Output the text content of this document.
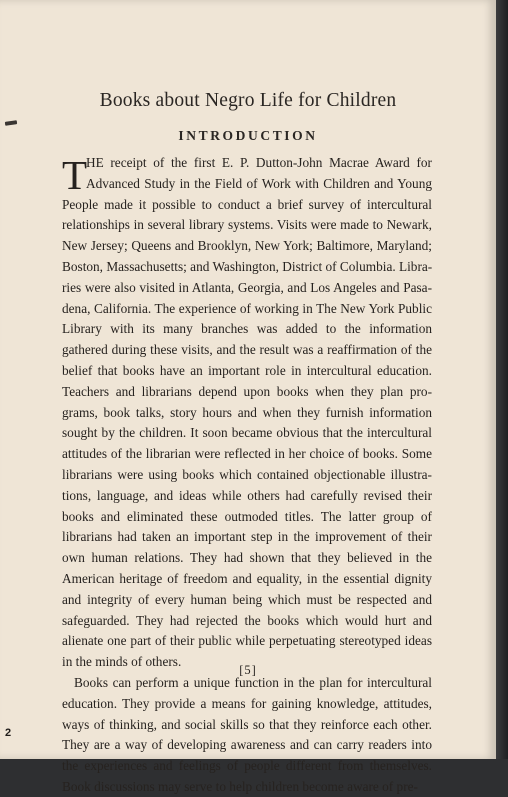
Books about Negro Life for Children
INTRODUCTION
T
HE receipt of the first E. P. Dutton-John Macrae Award for
Advanced Study in the Field of Work with Children and Young
People made it possible to conduct a brief survey of intercultural
relationships in several library systems. Visits were made to Newark,
New Jersey; Queens and Brooklyn, New York; Baltimore, Maryland;
Boston, Massachusetts; and Washington, District of Columbia. Libra-
ries were also visited in Atlanta, Georgia, and Los Angeles and Pasa-
dena, California. The experience of working in The New York Public
Library with its many branches was added to the information
gathered during these visits, and the result was a reaffirmation of the
belief that books have an important role in intercultural education.
Teachers and librarians depend upon books when they plan pro-
grams, book talks, story hours and when they furnish information
sought by the children. It soon became obvious that the intercultural
attitudes of the librarian were reflected in her choice of books. Some
librarians were using books which contained objectionable illustra-
tions, language, and ideas while others had carefully revised their
books and eliminated these outmoded titles. The latter group of
librarians had taken an important step in the improvement of their
own human relations. They had shown that they believed in the
American heritage of freedom and equality, in the essential dignity
and integrity of every human being which must be respected and
safeguarded. They had rejected the books which would hurt and
alienate one part of their public while perpetuating stereotyped ideas
in the minds of others.
Books can perform a unique function in the plan for intercultural
education. They provide a means for gaining knowledge, attitudes,
ways of thinking, and social skills so that they reinforce each other.
They are a way of developing awareness and can carry readers into
the experiences and feelings of people different from themselves.
Book discussions may serve to help children become aware of pre-
[5]
2
